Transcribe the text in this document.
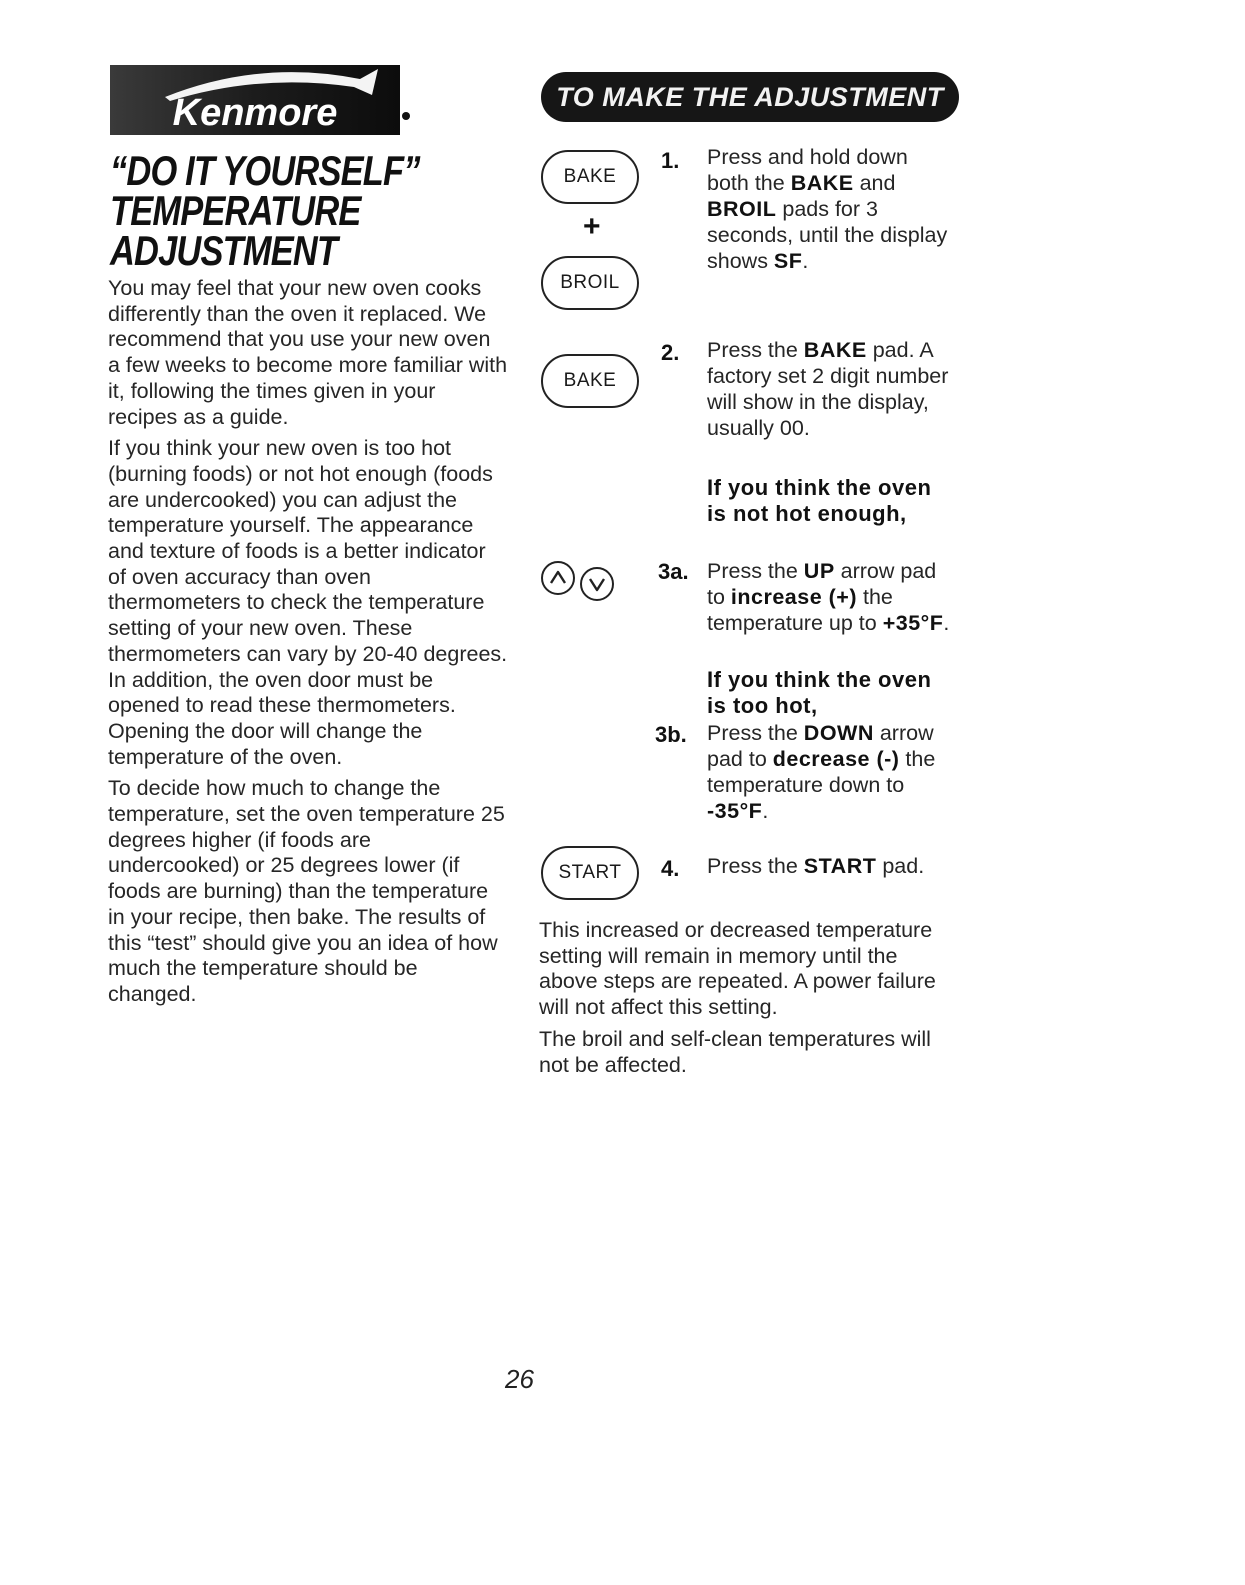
Kenmore
“DO IT YOURSELF”
TEMPERATURE
ADJUSTMENT

You may feel that your new oven cooks differently than the oven it replaced. We recommend that you use your new oven a few weeks to become more familiar with it, following the times given in your recipes as a guide.

If you think your new oven is too hot (burning foods) or not hot enough (foods are undercooked) you can adjust the temperature yourself. The appearance and texture of foods is a better indicator of oven accuracy than oven thermometers to check the temperature setting of your new oven. These thermometers can vary by 20-40 degrees. In addition, the oven door must be opened to read these thermometers. Opening the door will change the temperature of the oven.

To decide how much to change the temperature, set the oven temperature 25 degrees higher (if foods are undercooked) or 25 degrees lower (if foods are burning) than the temperature in your recipe, then bake. The results of this “test” should give you an idea of how much the temperature should be changed.

TO MAKE THE ADJUSTMENT
BAKE
+
BROIL
BAKE
START
1. Press and hold down both the BAKE and BROIL pads for 3 seconds, until the display shows SF.
2. Press the BAKE pad. A factory set 2 digit number will show in the display, usually 00.
If you think the oven is not hot enough,
3a. Press the UP arrow pad to increase (+) the temperature up to +35°F.
If you think the oven is too hot,
3b. Press the DOWN arrow pad to decrease (-) the temperature down to -35°F.
4. Press the START pad.

This increased or decreased temperature setting will remain in memory until the above steps are repeated. A power failure will not affect this setting.

The broil and self-clean temperatures will not be affected.

26
